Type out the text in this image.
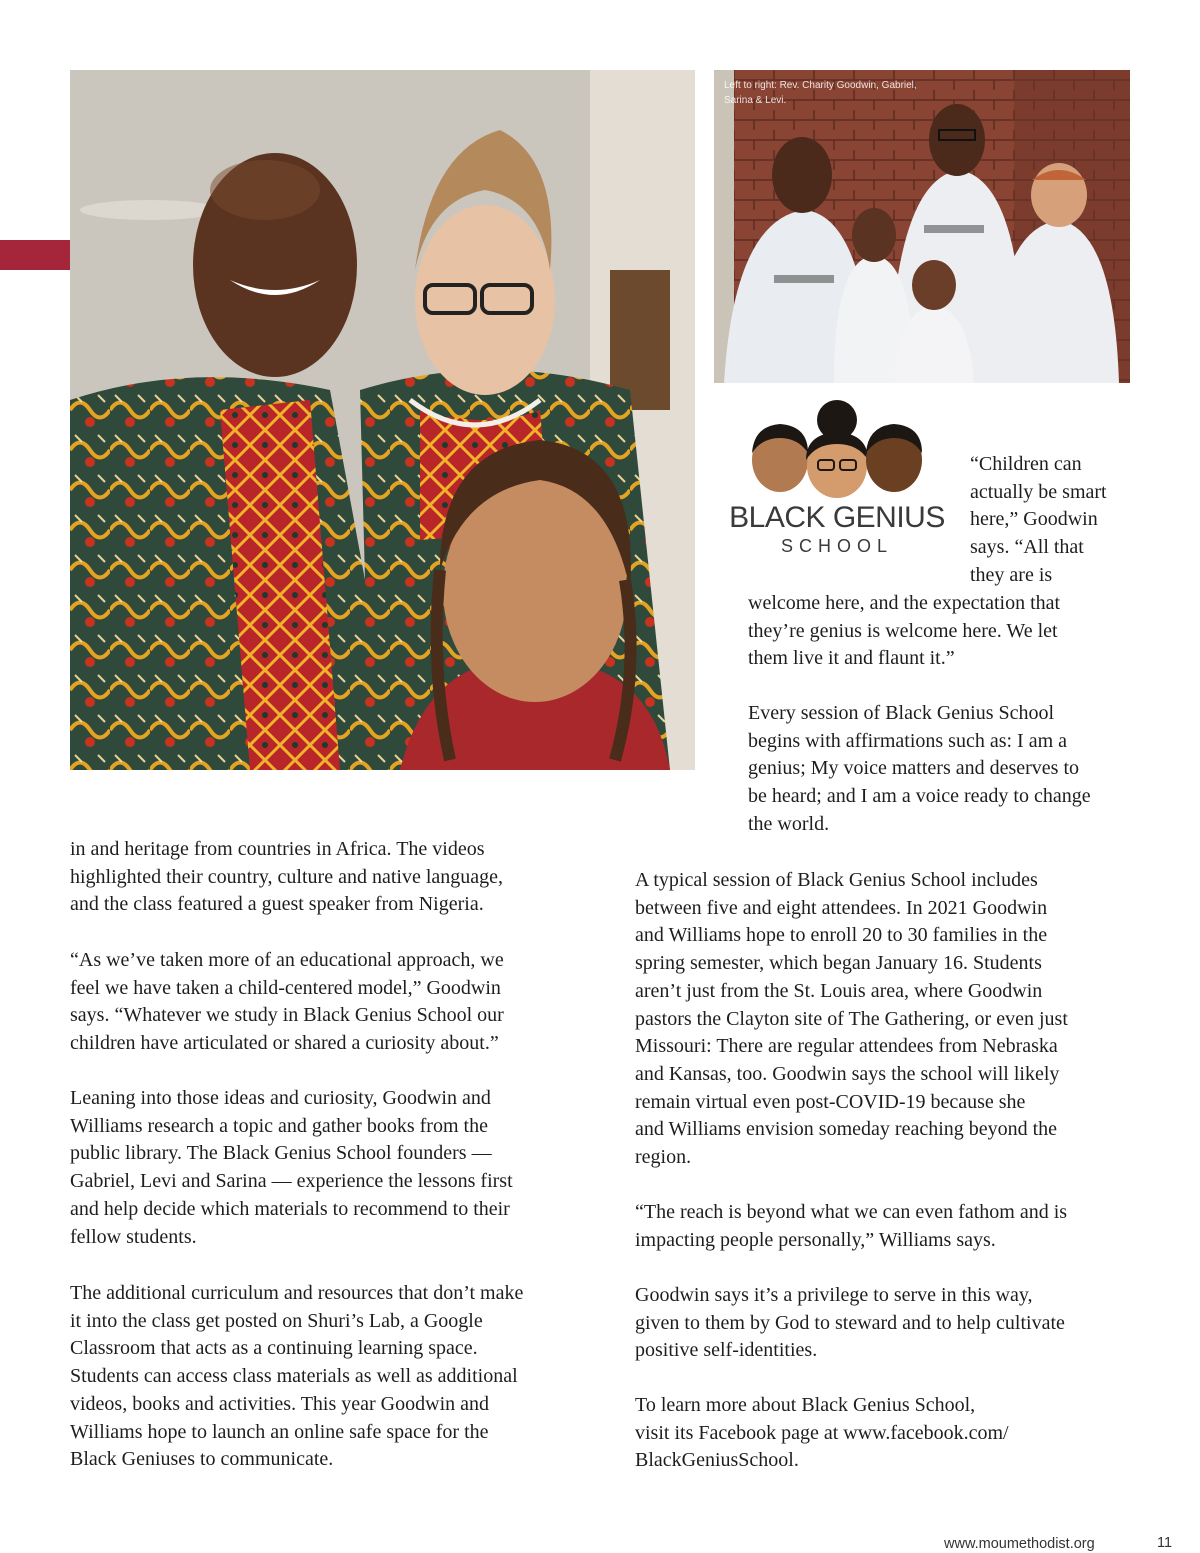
Left to right: Rev. Charity Goodwin, Gabriel, Sarina & Levi.
BLACK GENIUS
SCHOOL

“Children can
actually be smart
here,” Goodwin
says. “All that
they are is

welcome here, and the expectation that
they’re genius is welcome here. We let
them live it and flaunt it.”

Every session of Black Genius School
begins with affirmations such as: I am a
genius; My voice matters and deserves to
be heard; and I am a voice ready to change
the world.

in and heritage from countries in Africa. The videos
highlighted their country, culture and native language,
and the class featured a guest speaker from Nigeria.

“As we’ve taken more of an educational approach, we
feel we have taken a child-centered model,” Goodwin
says. “Whatever we study in Black Genius School our
children have articulated or shared a curiosity about.”

Leaning into those ideas and curiosity, Goodwin and
Williams research a topic and gather books from the
public library. The Black Genius School founders —
Gabriel, Levi and Sarina — experience the lessons first
and help decide which materials to recommend to their
fellow students.

The additional curriculum and resources that don’t make
it into the class get posted on Shuri’s Lab, a Google
Classroom that acts as a continuing learning space.
Students can access class materials as well as additional
videos, books and activities. This year Goodwin and
Williams hope to launch an online safe space for the
Black Geniuses to communicate.

A typical session of Black Genius School includes
between five and eight attendees. In 2021 Goodwin
and Williams hope to enroll 20 to 30 families in the
spring semester, which began January 16. Students
aren’t just from the St. Louis area, where Goodwin
pastors the Clayton site of The Gathering, or even just
Missouri: There are regular attendees from Nebraska
and Kansas, too. Goodwin says the school will likely
remain virtual even post-COVID-19 because she
and Williams envision someday reaching beyond the
region.

“The reach is beyond what we can even fathom and is
impacting people personally,” Williams says.

Goodwin says it’s a privilege to serve in this way,
given to them by God to steward and to help cultivate
positive self-identities.

To learn more about Black Genius School,
visit its Facebook page at www.facebook.com/
BlackGeniusSchool.

www.moumethodist.org	11
